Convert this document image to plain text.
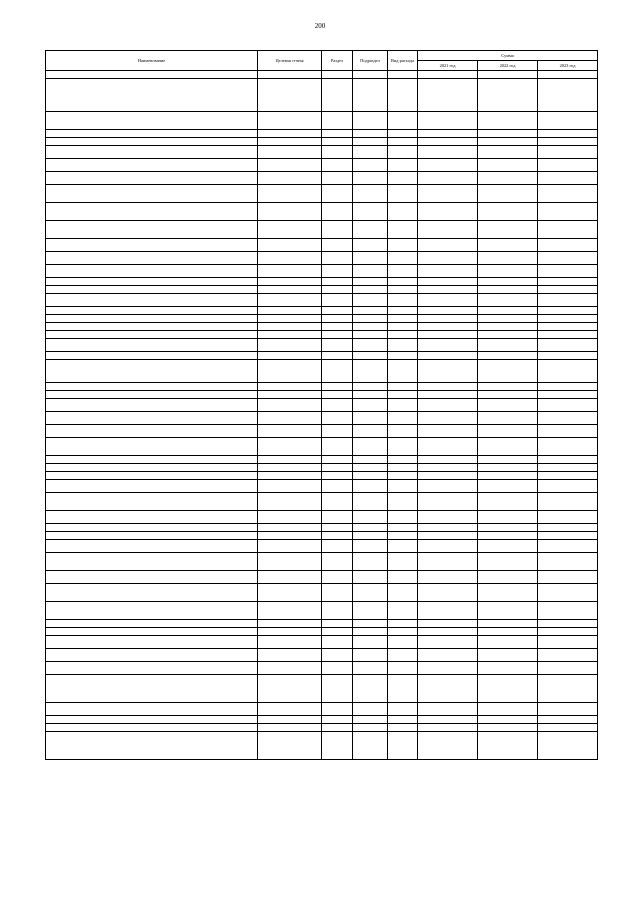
200
Наименование	Целевая статья	Раздел	Подраздел	Вид расхода	Сумма		
					2021 год	2022 год	2023 год
